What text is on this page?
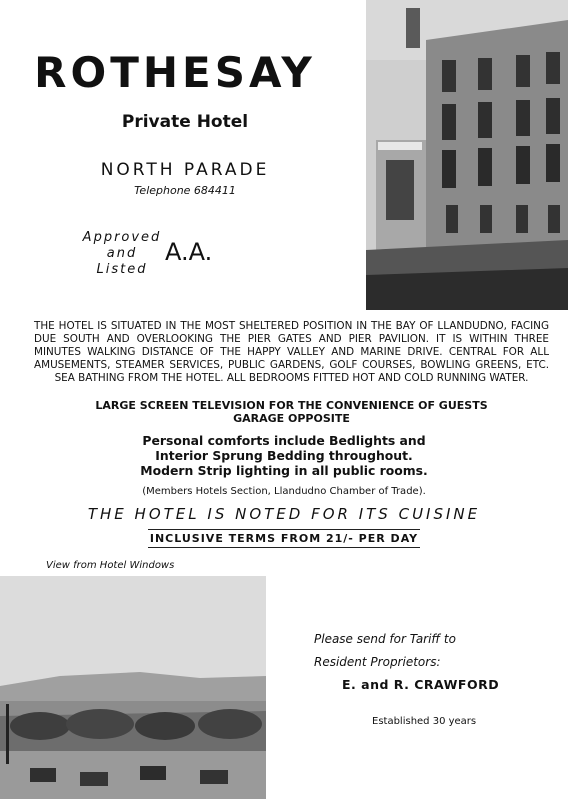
ROTHESAY
Private Hotel
NORTH PARADE
Telephone 684411
Approved
and
Listed
A.A.
THE HOTEL IS SITUATED IN THE MOST SHELTERED POSITION IN THE BAY OF LLANDUDNO, FACING DUE SOUTH AND OVERLOOKING THE PIER GATES AND PIER PAVILION. IT IS WITHIN THREE MINUTES WALKING DISTANCE OF THE HAPPY VALLEY AND MARINE DRIVE. CENTRAL FOR ALL AMUSEMENTS, STEAMER SERVICES, PUBLIC GARDENS, GOLF COURSES, BOWLING GREENS, ETC. SEA BATHING FROM THE HOTEL. ALL BEDROOMS FITTED HOT AND COLD RUNNING WATER.
LARGE SCREEN TELEVISION FOR THE CONVENIENCE OF GUESTS
GARAGE OPPOSITE
Personal comforts include Bedlights and
Interior Sprung Bedding throughout.
Modern Strip lighting in all public rooms.
(Members Hotels Section, Llandudno Chamber of Trade).
THE HOTEL IS NOTED FOR ITS CUISINE
INCLUSIVE TERMS FROM 21/- PER DAY
View from Hotel Windows
Please send for Tariff to
Resident Proprietors:
E. and R. CRAWFORD
Established 30 years
